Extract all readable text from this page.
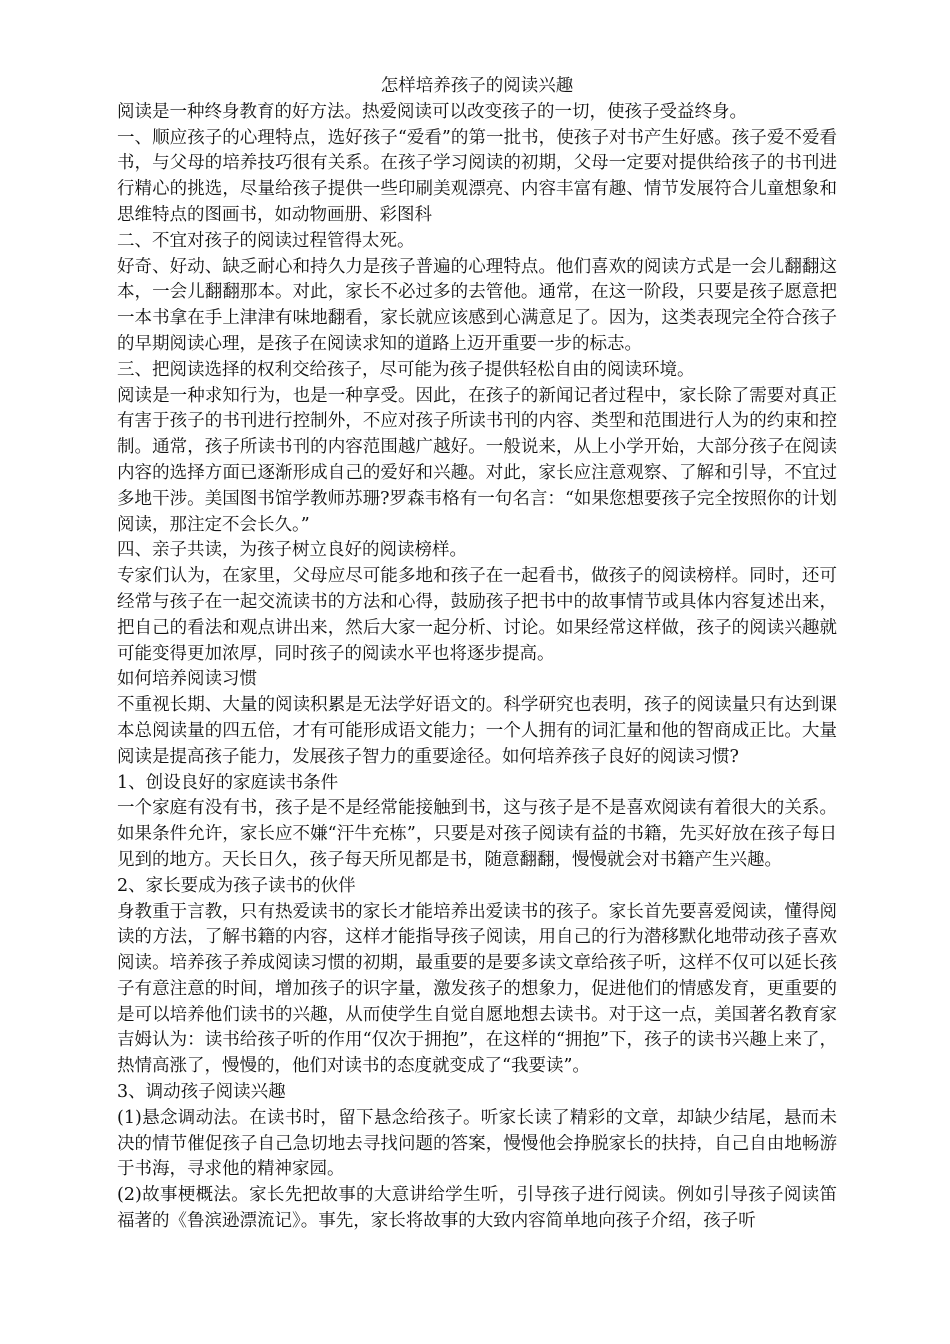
怎样培养孩子的阅读兴趣

阅读是一种终身教育的好方法。热爱阅读可以改变孩子的一切，使孩子受益终身。

一、顺应孩子的心理特点，选好孩子“爱看”的第一批书，使孩子对书产生好感。孩子爱不爱看书，与父母的培养技巧很有关系。在孩子学习阅读的初期，父母一定要对提供给孩子的书刊进行精心的挑选，尽量给孩子提供一些印刷美观漂亮、内容丰富有趣、情节发展符合儿童想象和思维特点的图画书，如动物画册、彩图科

二、不宜对孩子的阅读过程管得太死。

好奇、好动、缺乏耐心和持久力是孩子普遍的心理特点。他们喜欢的阅读方式是一会儿翻翻这本，一会儿翻翻那本。对此，家长不必过多的去管他。通常，在这一阶段，只要是孩子愿意把一本书拿在手上津津有味地翻看，家长就应该感到心满意足了。因为，这类表现完全符合孩子的早期阅读心理，是孩子在阅读求知的道路上迈开重要一步的标志。

三、把阅读选择的权利交给孩子，尽可能为孩子提供轻松自由的阅读环境。

阅读是一种求知行为，也是一种享受。因此，在孩子的新闻记者过程中，家长除了需要对真正有害于孩子的书刊进行控制外，不应对孩子所读书刊的内容、类型和范围进行人为的约束和控制。通常，孩子所读书刊的内容范围越广越好。一般说来，从上小学开始，大部分孩子在阅读内容的选择方面已逐渐形成自己的爱好和兴趣。对此，家长应注意观察、了解和引导，不宜过多地干涉。美国图书馆学教师苏珊?罗森韦格有一句名言：“如果您想要孩子完全按照你的计划阅读，那注定不会长久。”

四、亲子共读，为孩子树立良好的阅读榜样。

专家们认为，在家里，父母应尽可能多地和孩子在一起看书，做孩子的阅读榜样。同时，还可经常与孩子在一起交流读书的方法和心得，鼓励孩子把书中的故事情节或具体内容复述出来，把自己的看法和观点讲出来，然后大家一起分析、讨论。如果经常这样做，孩子的阅读兴趣就可能变得更加浓厚，同时孩子的阅读水平也将逐步提高。

如何培养阅读习惯

不重视长期、大量的阅读积累是无法学好语文的。科学研究也表明，孩子的阅读量只有达到课本总阅读量的四五倍，才有可能形成语文能力；一个人拥有的词汇量和他的智商成正比。大量阅读是提高孩子能力，发展孩子智力的重要途径。如何培养孩子良好的阅读习惯?

1、创设良好的家庭读书条件

一个家庭有没有书，孩子是不是经常能接触到书，这与孩子是不是喜欢阅读有着很大的关系。如果条件允许，家长应不嫌“汗牛充栋”，只要是对孩子阅读有益的书籍，先买好放在孩子每日见到的地方。天长日久，孩子每天所见都是书，随意翻翻，慢慢就会对书籍产生兴趣。

2、家长要成为孩子读书的伙伴

身教重于言教，只有热爱读书的家长才能培养出爱读书的孩子。家长首先要喜爱阅读，懂得阅读的方法，了解书籍的内容，这样才能指导孩子阅读，用自己的行为潜移默化地带动孩子喜欢阅读。培养孩子养成阅读习惯的初期，最重要的是要多读文章给孩子听，这样不仅可以延长孩子有意注意的时间，增加孩子的识字量，激发孩子的想象力，促进他们的情感发育，更重要的是可以培养他们读书的兴趣，从而使学生自觉自愿地想去读书。对于这一点，美国著名教育家吉姆认为：读书给孩子听的作用“仅次于拥抱”，在这样的“拥抱”下，孩子的读书兴趣上来了，热情高涨了，慢慢的，他们对读书的态度就变成了“我要读”。

3、调动孩子阅读兴趣

(1)悬念调动法。在读书时，留下悬念给孩子。听家长读了精彩的文章，却缺少结尾，悬而未决的情节催促孩子自己急切地去寻找问题的答案，慢慢他会挣脱家长的扶持，自己自由地畅游于书海，寻求他的精神家园。

(2)故事梗概法。家长先把故事的大意讲给学生听，引导孩子进行阅读。例如引导孩子阅读笛福著的《鲁滨逊漂流记》。事先，家长将故事的大致内容简单地向孩子介绍，孩子听
